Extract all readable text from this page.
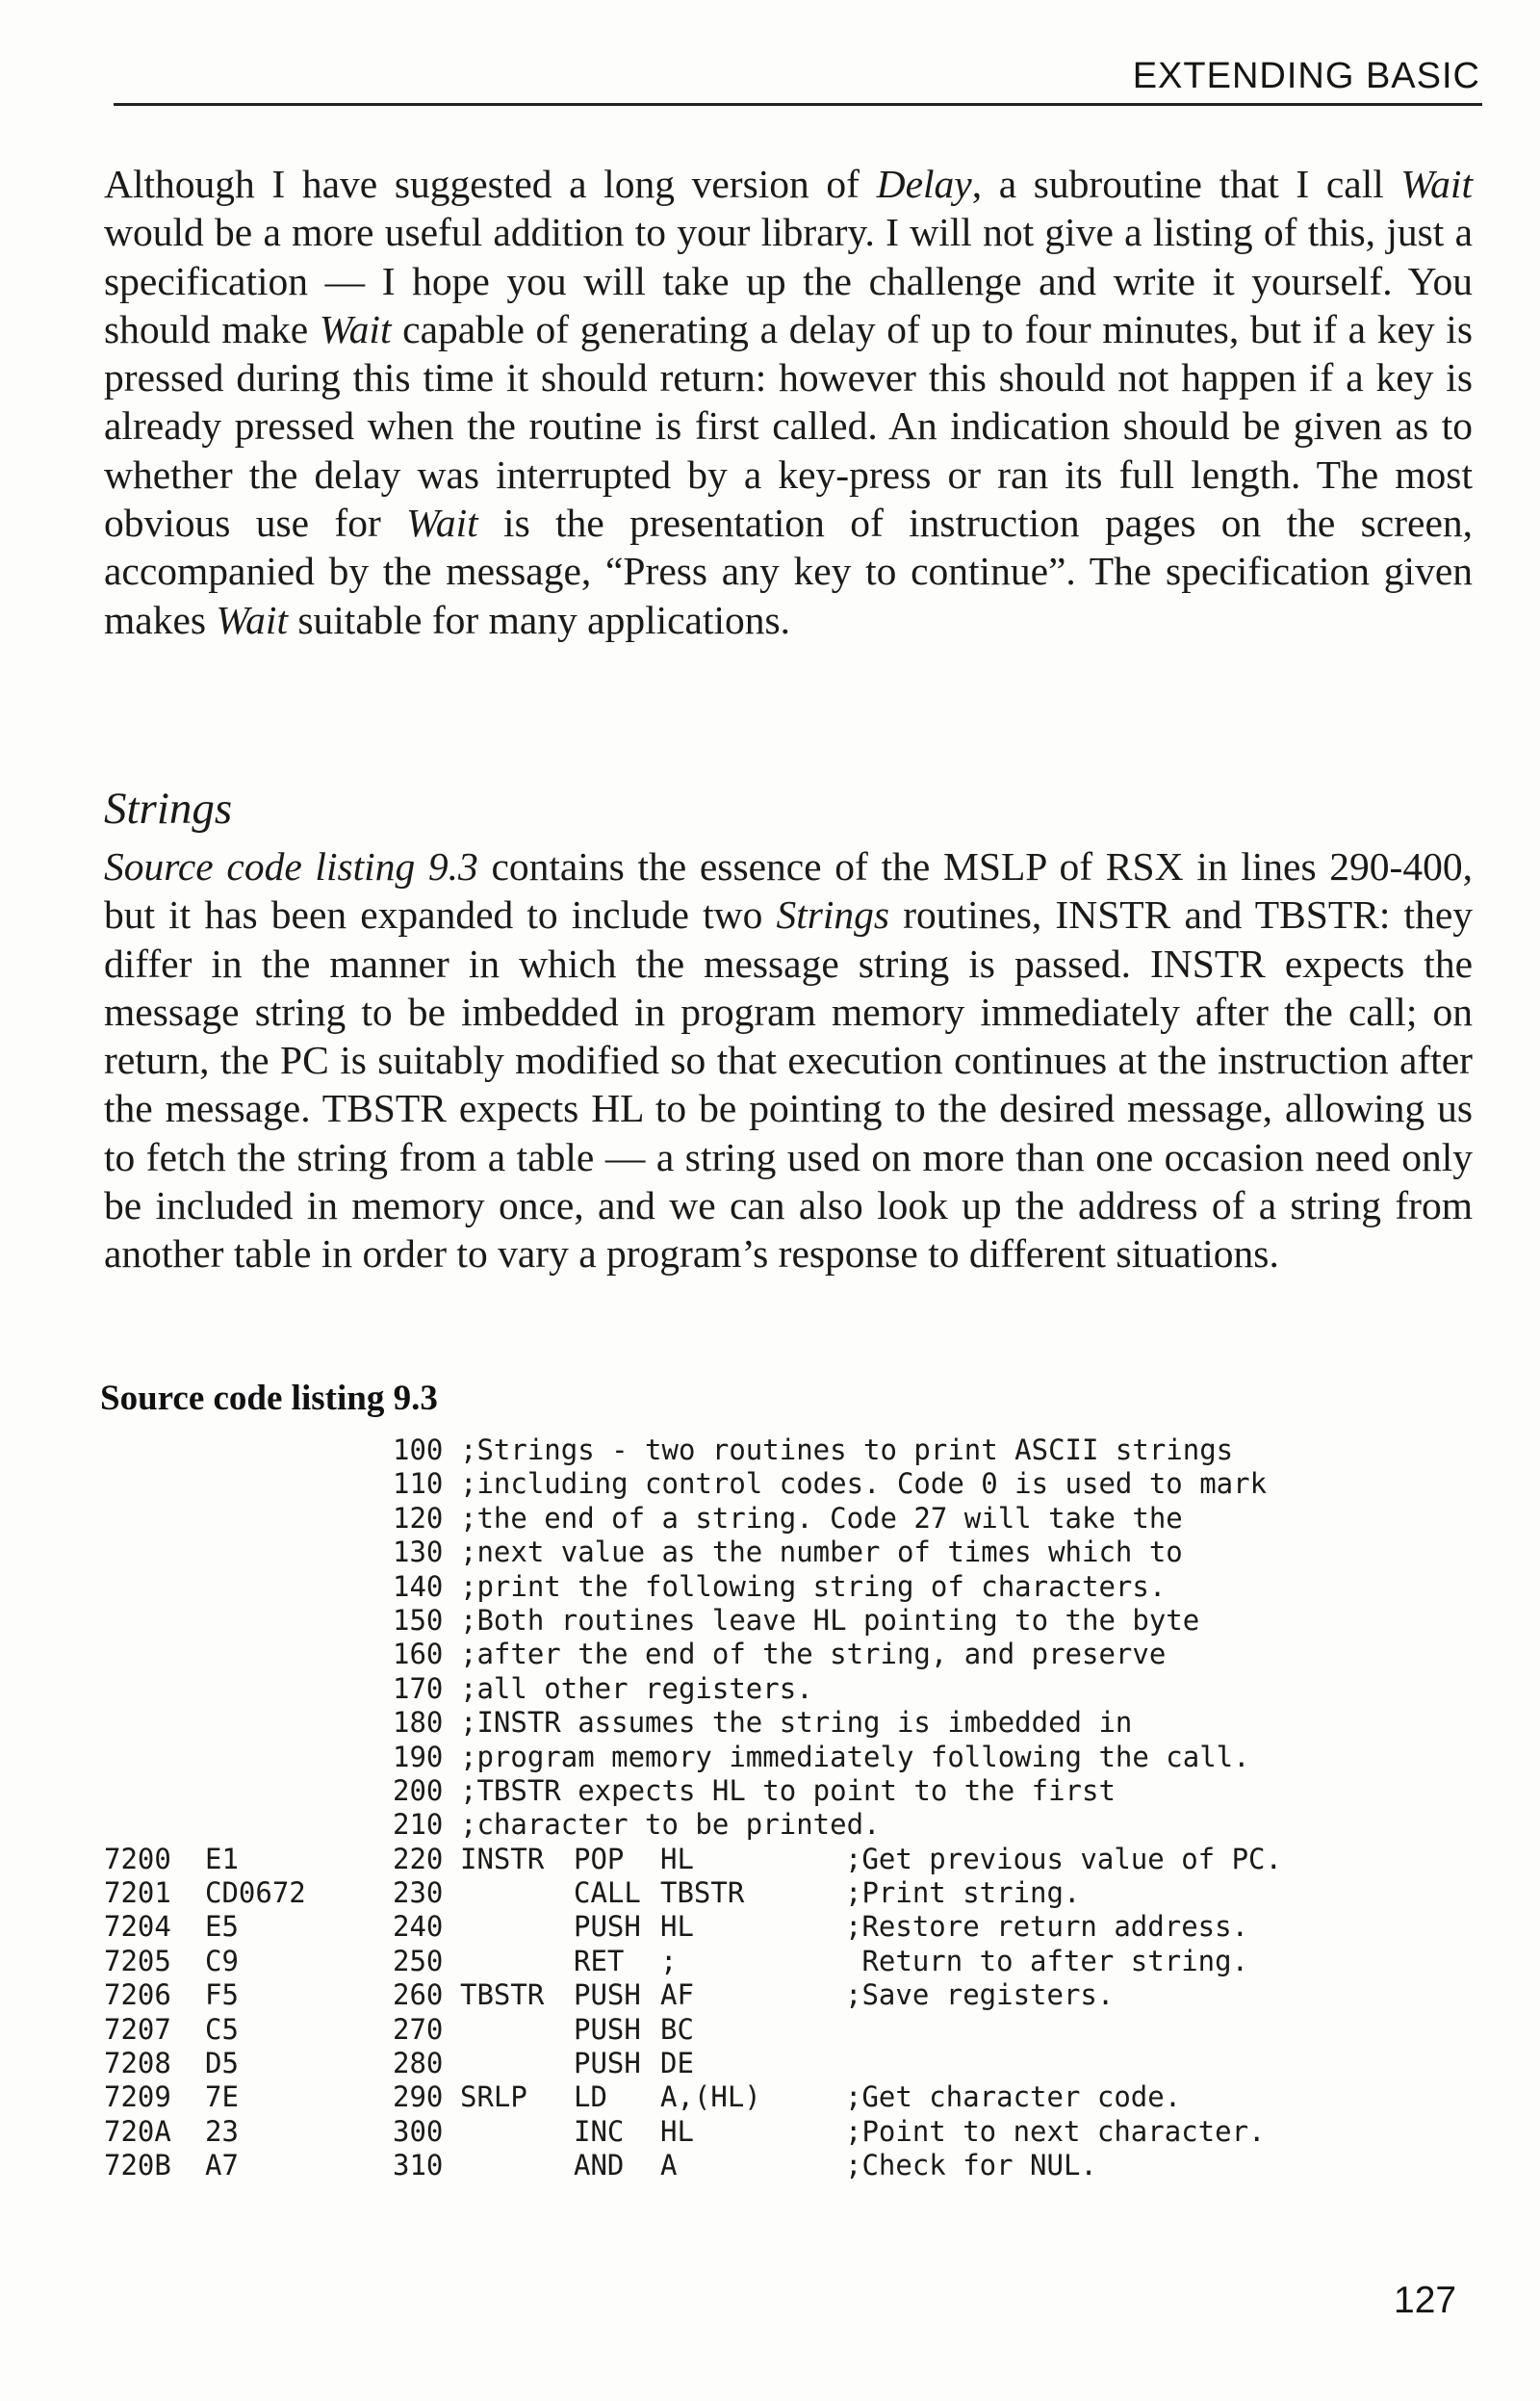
EXTENDING BASIC

Although I have suggested a long version of Delay, a subroutine that I call Wait would be a more useful addition to your library. I will not give a listing of this, just a specification — I hope you will take up the challenge and write it yourself. You should make Wait capable of generating a delay of up to four minutes, but if a key is pressed during this time it should return: however this should not happen if a key is already pressed when the routine is first called. An indication should be given as to whether the delay was interrupted by a key-press or ran its full length. The most obvious use for Wait is the presentation of instruction pages on the screen, accompanied by the message, “Press any key to continue”. The specification given makes Wait suitable for many applications.

Strings

Source code listing 9.3 contains the essence of the MSLP of RSX in lines 290-400, but it has been expanded to include two Strings routines, INSTR and TBSTR: they differ in the manner in which the message string is passed. INSTR expects the message string to be imbedded in program memory immediately after the call; on return, the PC is suitably modified so that execution continues at the instruction after the message. TBSTR expects HL to be pointing to the desired message, allowing us to fetch the string from a table — a string used on more than one occasion need only be included in memory once, and we can also look up the address of a string from another table in order to vary a program’s response to different situations.

Source code listing 9.3
100 ;Strings - two routines to print ASCII strings
110 ;including control codes. Code 0 is used to mark
120 ;the end of a string. Code 27 will take the
130 ;next value as the number of times which to
140 ;print the following string of characters.
150 ;Both routines leave HL pointing to the byte
160 ;after the end of the string, and preserve
170 ;all other registers.
180 ;INSTR assumes the string is imbedded in
190 ;program memory immediately following the call.
200 ;TBSTR expects HL to point to the first
210 ;character to be printed.
7200 E1	220 INSTR POP HL	;Get previous value of PC.
7201 CD0672	230	CALL TBSTR	;Print string.
7204 E5	240	PUSH HL	;Restore return address.
7205 C9	250	RET ;	Return to after string.
7206 F5	260 TBSTR PUSH AF	;Save registers.
7207 C5	270	PUSH BC
7208 D5	280	PUSH DE
7209 7E	290 SRLP LD A,(HL)	;Get character code.
720A 23	300	INC HL	;Point to next character.
720B A7	310	AND A	;Check for NUL.
127
